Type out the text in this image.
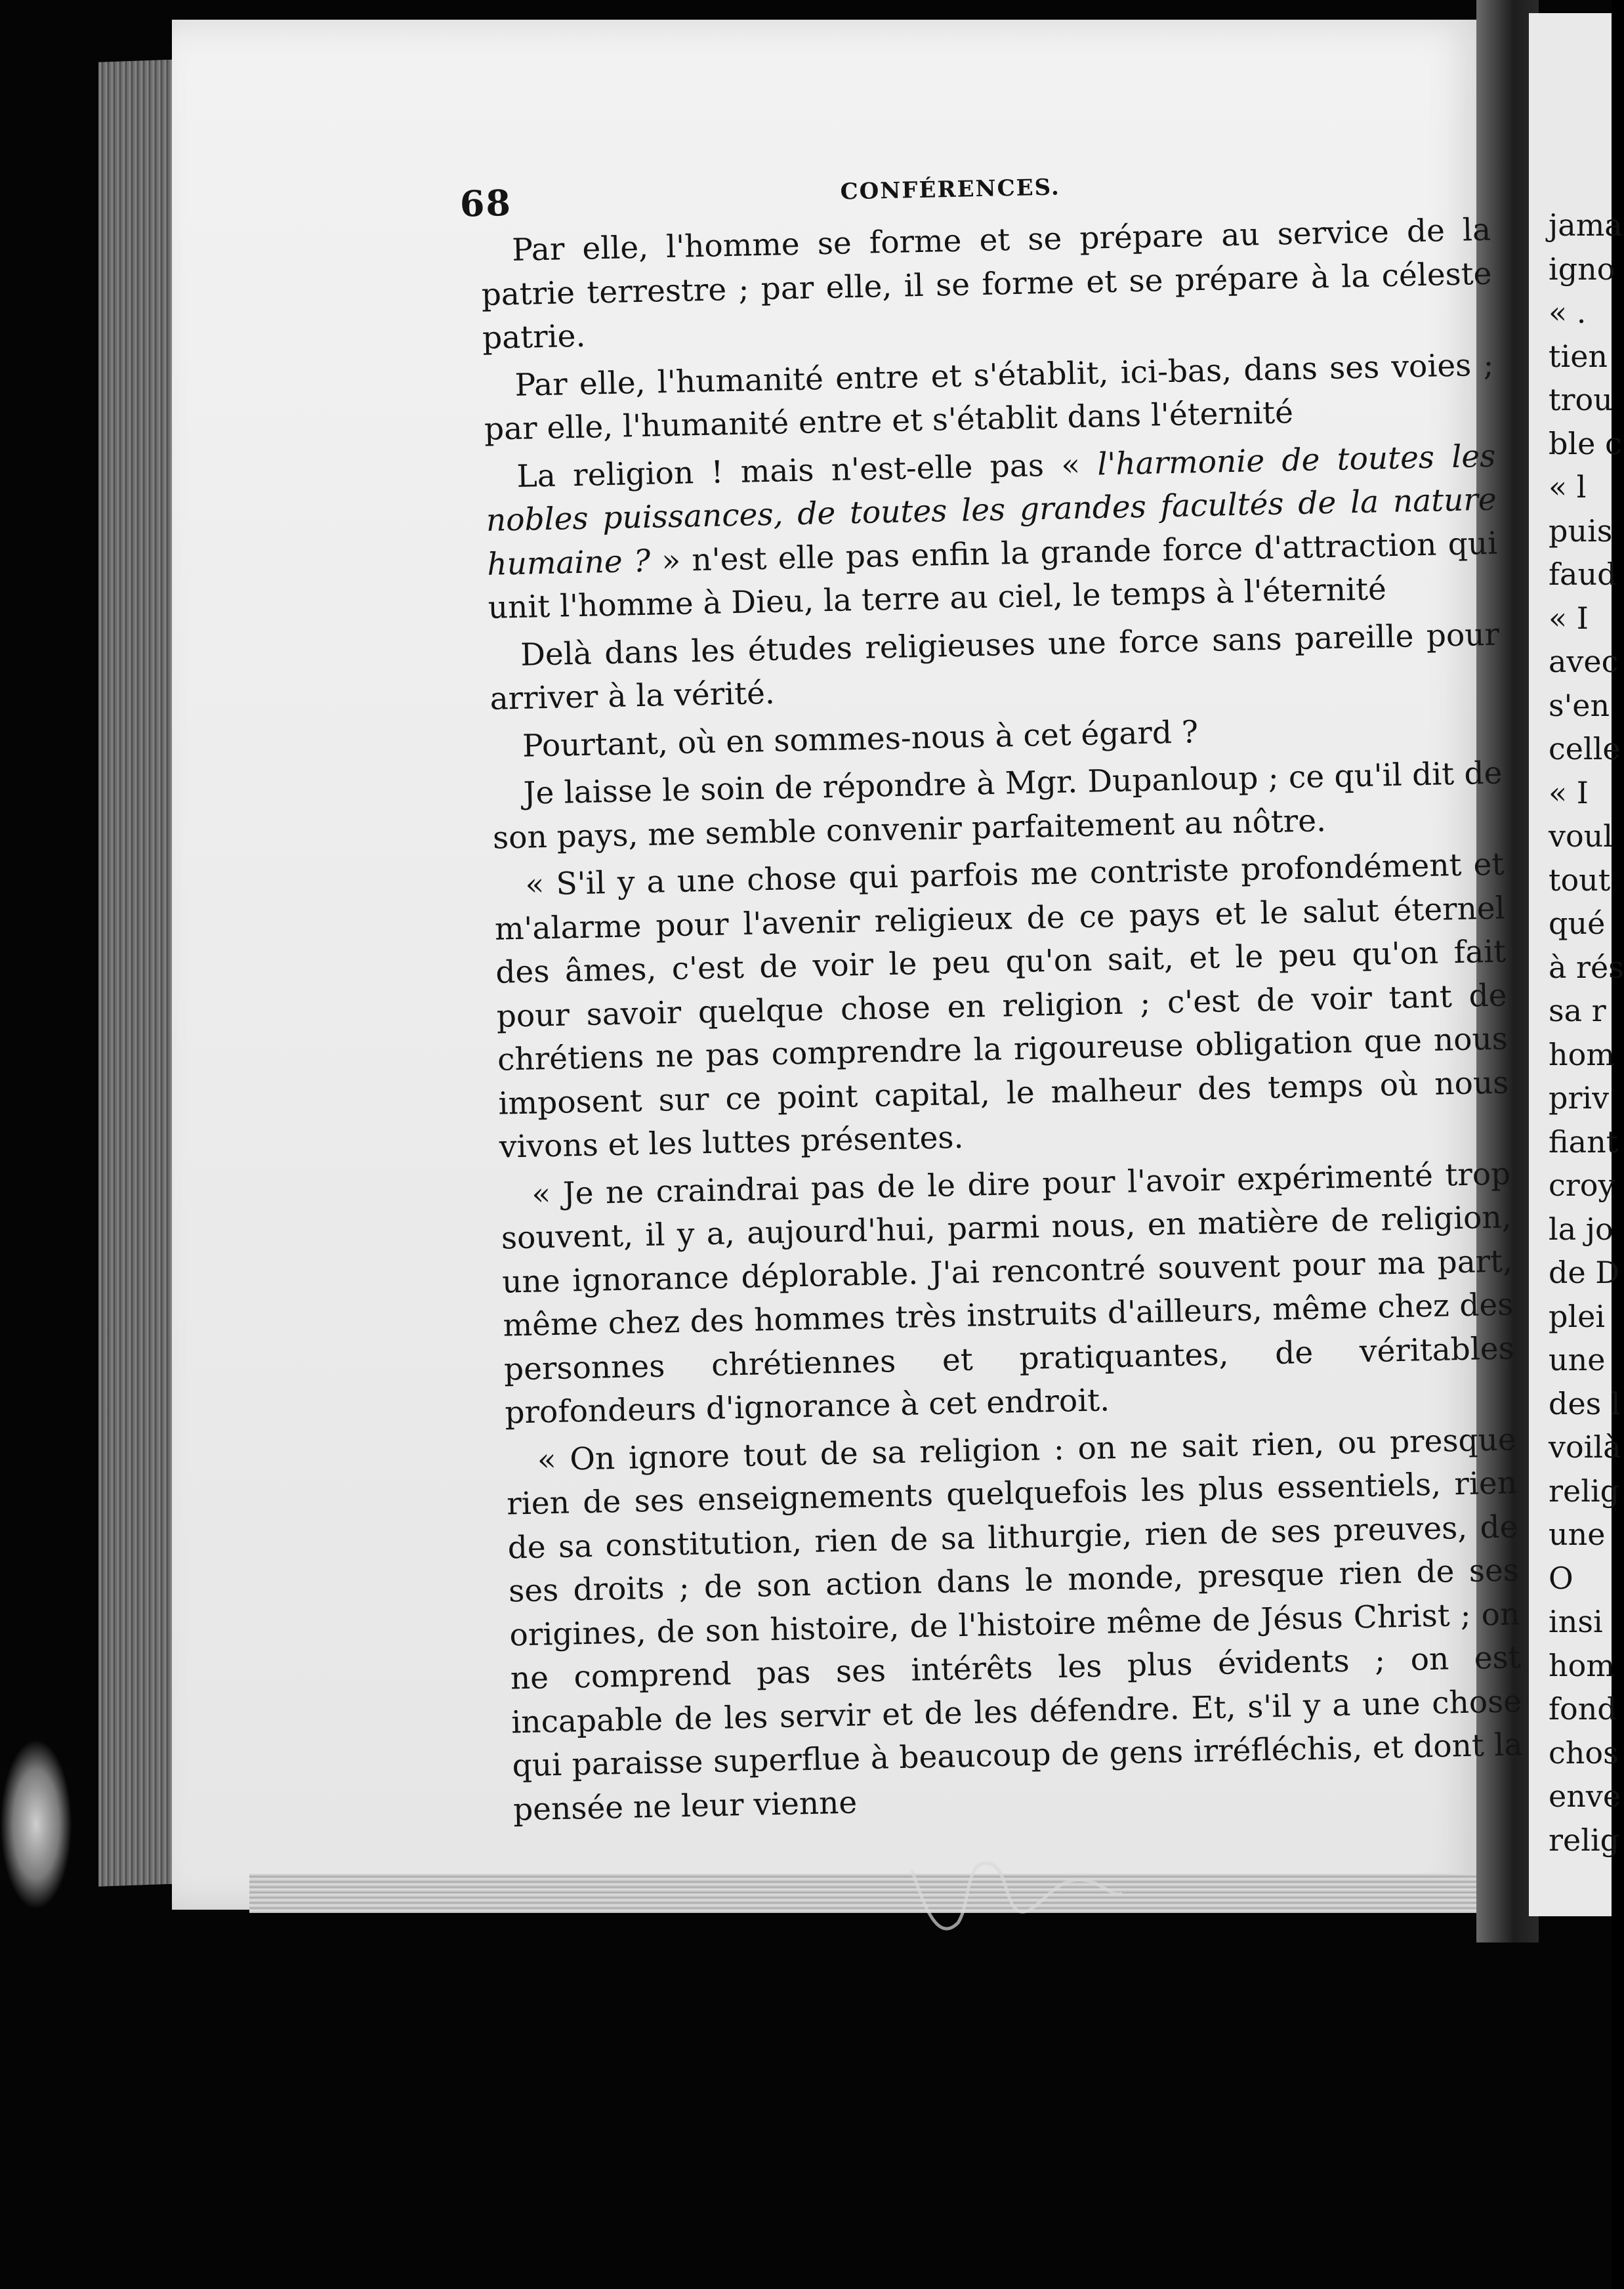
68	CONFÉRENCES.

Par elle, l'homme se forme et se prépare au service de la patrie terrestre ; par elle, il se forme et se prépare à la céleste patrie.

Par elle, l'humanité entre et s'établit, ici-bas, dans ses voies ; par elle, l'humanité entre et s'établit dans l'éternité

La religion ! mais n'est-elle pas « l'harmonie de toutes les nobles puissances, de toutes les grandes facultés de la nature humaine ? » n'est elle pas enfin la grande force d'attraction qui unit l'homme à Dieu, la terre au ciel, le temps à l'éternité

Delà dans les études religieuses une force sans pareille pour arriver à la vérité.

Pourtant, où en sommes-nous à cet égard ?

Je laisse le soin de répondre à Mgr. Dupanloup ; ce qu'il dit de son pays, me semble convenir parfaitement au nôtre.

« S'il y a une chose qui parfois me contriste profondément et m'alarme pour l'avenir religieux de ce pays et le salut éternel des âmes, c'est de voir le peu qu'on sait, et le peu qu'on fait pour savoir quelque chose en religion ; c'est de voir tant de chrétiens ne pas comprendre la rigoureuse obligation que nous imposent sur ce point capital, le malheur des temps où nous vivons et les luttes présentes.

« Je ne craindrai pas de le dire pour l'avoir expérimenté trop souvent, il y a, aujourd'hui, parmi nous, en matière de religion, une ignorance déplorable. J'ai rencontré souvent pour ma part, même chez des hommes très instruits d'ailleurs, même chez des personnes chrétiennes et pratiquantes, de véritables profondeurs d'ignorance à cet endroit.

« On ignore tout de sa religion : on ne sait rien, ou presque rien de ses enseignements quelquefois les plus essentiels, rien de sa constitution, rien de sa lithurgie, rien de ses preuves, de ses droits ; de son action dans le monde, presque rien de ses origines, de son histoire, de l'histoire même de Jésus Christ ; on ne comprend pas ses intérêts les plus évidents ; on est incapable de les servir et de les défendre. Et, s'il y a une chose qui paraisse superflue à beaucoup de gens irréfléchis, et dont la pensée ne leur vienne

jama
igno
« .
tien
trou
ble c
« l
puis
faud
« I
avec
s'en
celle
« I
voul
tout
qué
à rés
sa r
hom
priv
fiant
croy
la jo
de D
plei
une
des l
voilà
relig
une
O
insi
hom
fond
chos
enve
relig
